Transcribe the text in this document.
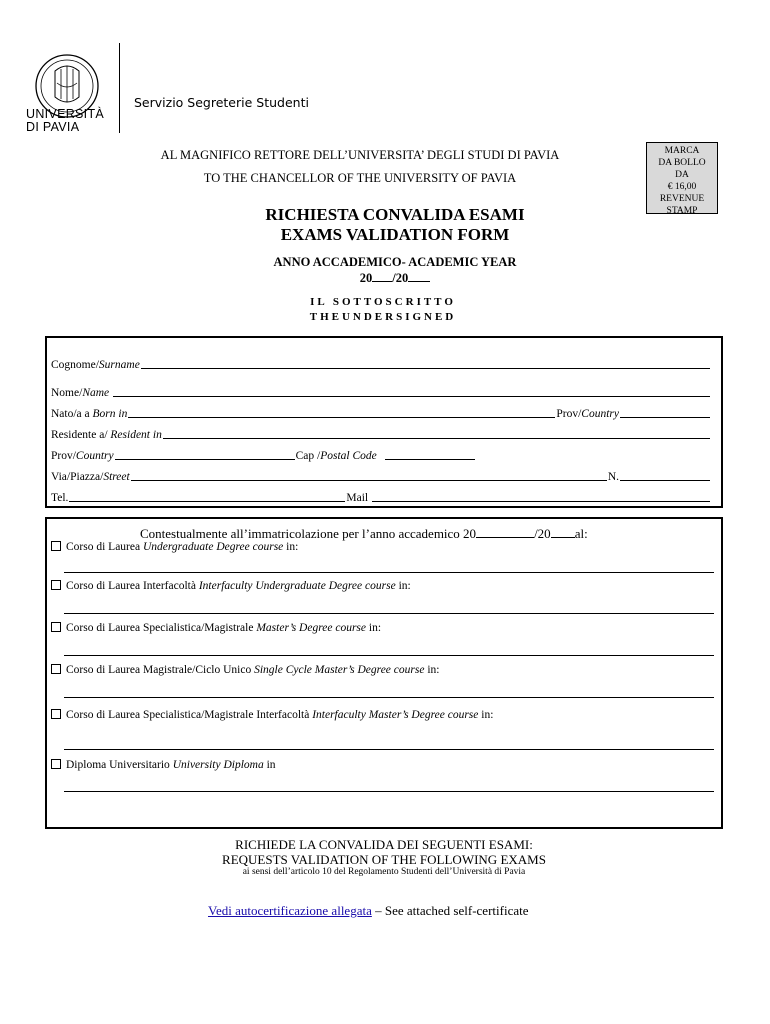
UNIVERSITÀ
DI PAVIA
Servizio Segreterie Studenti
MARCA
DA BOLLO
DA
€ 16,00
REVENUE
STAMP
AL MAGNIFICO RETTORE DELL’UNIVERSITA’ DEGLI STUDI DI PAVIA
TO THE CHANCELLOR OF THE UNIVERSITY OF PAVIA
RICHIESTA CONVALIDA ESAMI
EXAMS VALIDATION FORM
ANNO ACCADEMICO- ACADEMIC YEAR
20 /20
IL SOTTOSCRITTO
THEUNDERSIGNED
Cognome/Surname
Nome/Name
Nato/a a Born in	Prov/Country
Residente a/ Resident in
Prov/Country	Cap /Postal Code
Via/Piazza/Street	N.
Tel.	Mail
Contestualmente all’immatricolazione per l’anno accademico 20	/20 al:
Corso di Laurea Undergraduate Degree course in:
Corso di Laurea Interfacoltà Interfaculty Undergraduate Degree course in:
Corso di Laurea Specialistica/Magistrale Master’s Degree course in:
Corso di Laurea Magistrale/Ciclo Unico Single Cycle Master’s Degree course in:
Corso di Laurea Specialistica/Magistrale Interfacoltà Interfaculty Master’s Degree course in:
Diploma Universitario University Diploma in
RICHIEDE LA CONVALIDA DEI SEGUENTI ESAMI:
REQUESTS VALIDATION OF THE FOLLOWING EXAMS
ai sensi dell’articolo 10 del Regolamento Studenti dell’Università di Pavia
Vedi autocertificazione allegata – See attached self-certificate
